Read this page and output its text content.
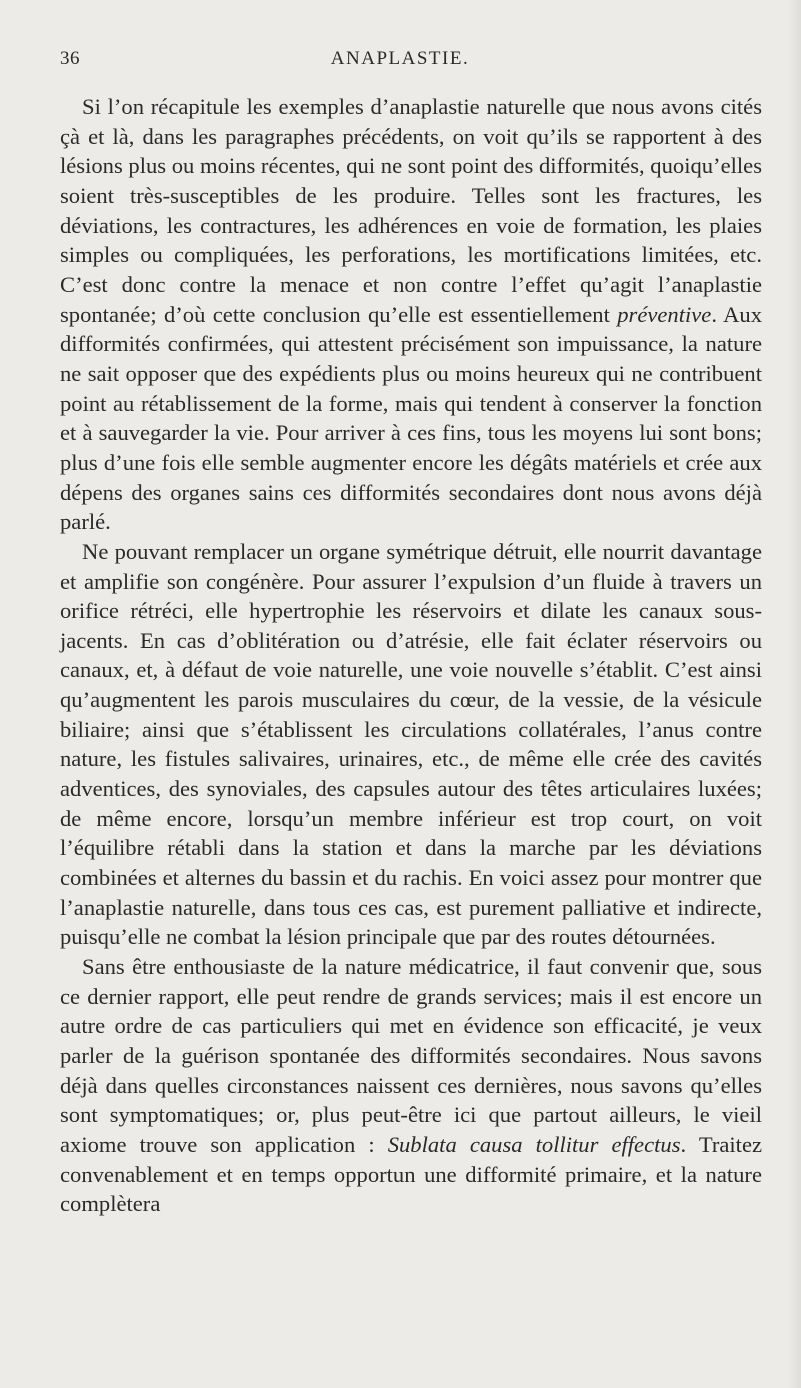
36	ANAPLASTIE.

Si l’on récapitule les exemples d’anaplastie naturelle que nous avons cités çà et là, dans les paragraphes précédents, on voit qu’ils se rapportent à des lésions plus ou moins récentes, qui ne sont point des difformités, quoiqu’elles soient très-susceptibles de les produire. Telles sont les fractures, les déviations, les contractures, les adhérences en voie de formation, les plaies simples ou compliquées, les perforations, les mortifications limitées, etc. C’est donc contre la menace et non contre l’effet qu’agit l’anaplastie spontanée; d’où cette conclusion qu’elle est essentiellement préventive. Aux difformités confirmées, qui attestent précisément son impuissance, la nature ne sait opposer que des expédients plus ou moins heureux qui ne contribuent point au rétablissement de la forme, mais qui tendent à conserver la fonction et à sauvegarder la vie. Pour arriver à ces fins, tous les moyens lui sont bons; plus d’une fois elle semble augmenter encore les dégâts matériels et crée aux dépens des organes sains ces difformités secondaires dont nous avons déjà parlé.

Ne pouvant remplacer un organe symétrique détruit, elle nourrit davantage et amplifie son congénère. Pour assurer l’expulsion d’un fluide à travers un orifice rétréci, elle hypertrophie les réservoirs et dilate les canaux sous-jacents. En cas d’oblitération ou d’atrésie, elle fait éclater réservoirs ou canaux, et, à défaut de voie naturelle, une voie nouvelle s’établit. C’est ainsi qu’augmentent les parois musculaires du cœur, de la vessie, de la vésicule biliaire; ainsi que s’établissent les circulations collatérales, l’anus contre nature, les fistules salivaires, urinaires, etc., de même elle crée des cavités adventices, des synoviales, des capsules autour des têtes articulaires luxées; de même encore, lorsqu’un membre inférieur est trop court, on voit l’équilibre rétabli dans la station et dans la marche par les déviations combinées et alternes du bassin et du rachis. En voici assez pour montrer que l’anaplastie naturelle, dans tous ces cas, est purement palliative et indirecte, puisqu’elle ne combat la lésion principale que par des routes détournées.

Sans être enthousiaste de la nature médicatrice, il faut convenir que, sous ce dernier rapport, elle peut rendre de grands services; mais il est encore un autre ordre de cas particuliers qui met en évidence son efficacité, je veux parler de la guérison spontanée des difformités secondaires. Nous savons déjà dans quelles circonstances naissent ces dernières, nous savons qu’elles sont symptomatiques; or, plus peut-être ici que partout ailleurs, le vieil axiome trouve son application : Sublata causa tollitur effectus. Traitez convenablement et en temps opportun une difformité primaire, et la nature complètera
